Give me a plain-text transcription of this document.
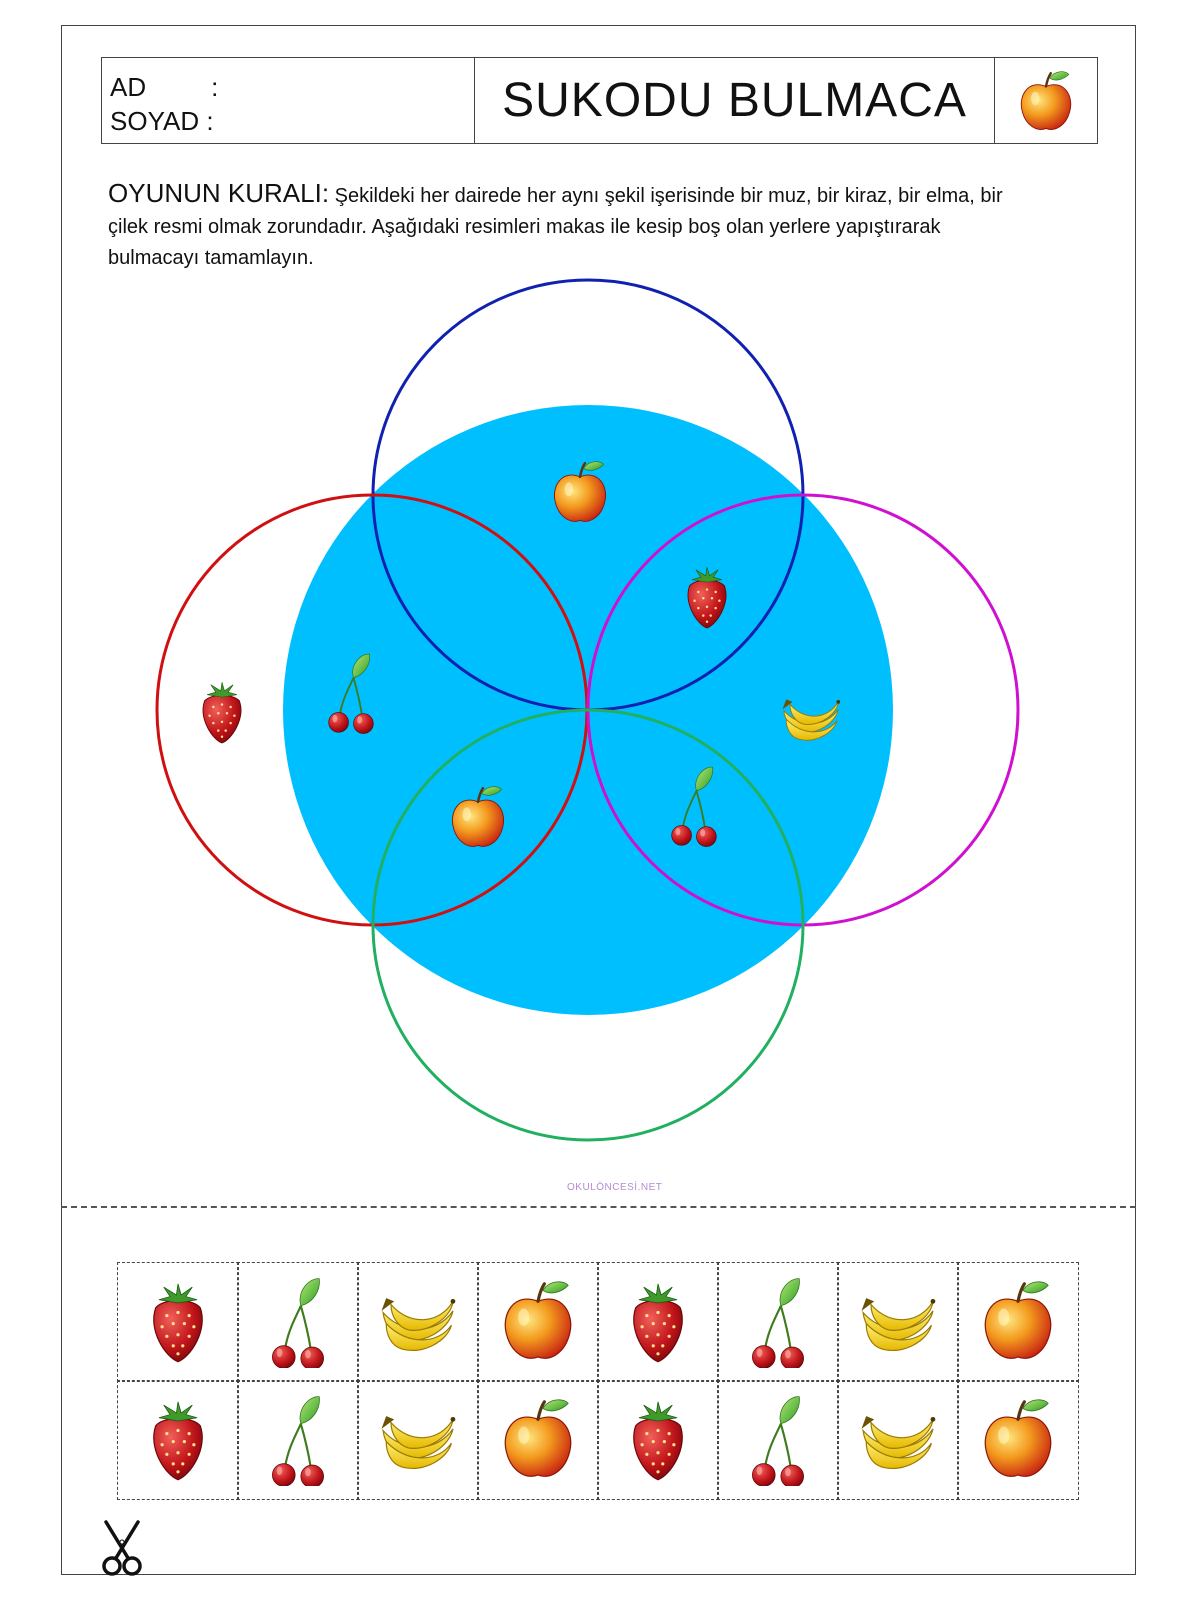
AD         :
SOYAD :	SUKODU BULMACA
OYUNUN KURALI: Şekildeki her dairede her aynı şekil işerisinde bir muz, bir kiraz, bir elma, bir çilek resmi olmak zorundadır. Aşağıdaki resimleri makas ile kesip boş olan yerlere yapıştırarak bulmacayı tamamlayın.
OKULÖNCESİ.NET
